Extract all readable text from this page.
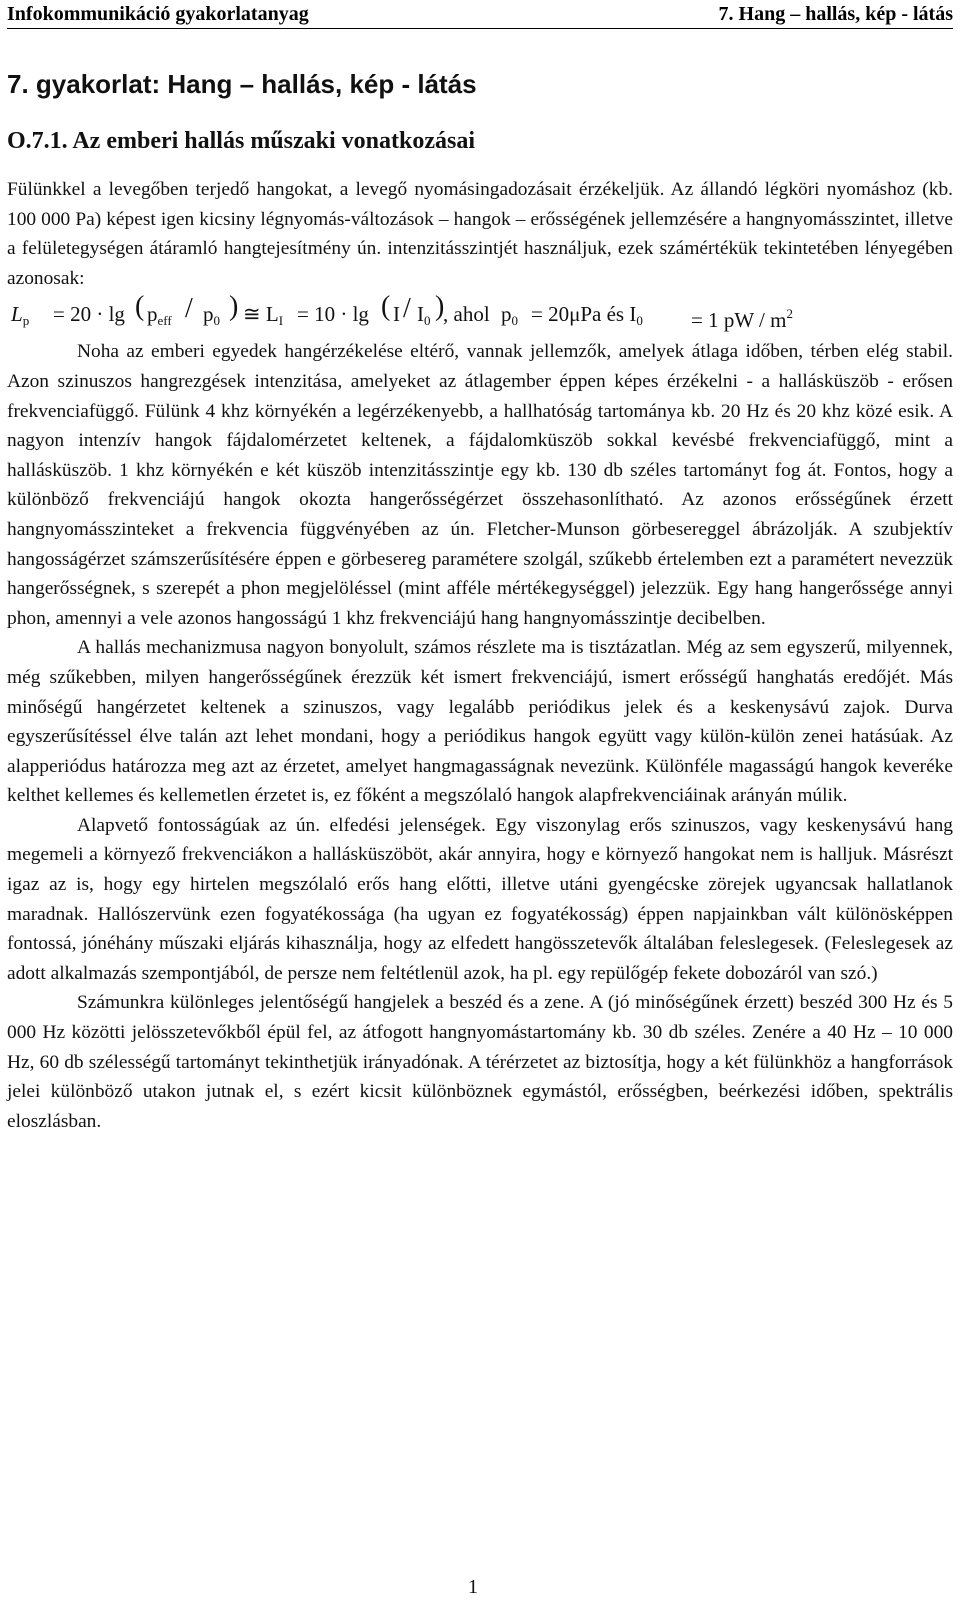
Infokommunikáció gyakorlatanyag	7. Hang – hallás, kép - látás
7. gyakorlat: Hang – hallás, kép - látás
O.7.1. Az emberi hallás műszaki vonatkozásai

Fülünkkel a levegőben terjedő hangokat, a levegő nyomásingadozásait érzékeljük. Az állandó légköri nyomáshoz (kb. 100 000 Pa) képest igen kicsiny légnyomás-változások – hangok – erősségének jellemzésére a hangnyomásszintet, illetve a felületegységen átáramló hangtejesítmény ún. intenzitásszintjét használjuk, ezek számértékük tekintetében lényegében azonosak:

$L_p = 20 \cdot \lg$ ( $p_{eff} / p_0$ ) ≅ $L_I = 10 \cdot \lg$ ( I / $I_0$ )
, ahol $p_0 = 20\mu Pa$ és $I_0 = 1$ pW / $m^2$

Noha az emberi egyedek hangérzékelése eltérő, vannak jellemzők, amelyek átlaga időben, térben elég stabil. Azon szinuszos hangrezgések intenzitása, amelyeket az átlagember éppen képes érzékelni - a hallásküszöb - erősen frekvenciafüggő. Fülünk 4 khz környékén a legérzékenyebb, a hallhatóság tartománya kb. 20 Hz és 20 khz közé esik. A nagyon intenzív hangok fájdalomérzetet keltenek, a fájdalomküszöb sokkal kevésbé frekvenciafüggő, mint a hallásküszöb. 1 khz környékén e két küszöb intenzitásszintje egy kb. 130 db széles tartományt fog át. Fontos, hogy a különböző frekvenciájú hangok okozta hangerősségérzet összehasonlítható. Az azonos erősségűnek érzett hangnyomásszinteket a frekvencia függvényében az ún. Fletcher-Munson görbesereggel ábrázolják. A szubjektív hangosságérzet számszerűsítésére éppen e görbesereg paramétere szolgál, szűkebb értelemben ezt a paramétert nevezzük hangerősségnek, s szerepét a phon megjelöléssel (mint afféle mértékegységgel) jelezzük. Egy hang hangerőssége annyi phon, amennyi a vele azonos hangosságú 1 khz frekvenciájú hang hangnyomásszintje decibelben.

A hallás mechanizmusa nagyon bonyolult, számos részlete ma is tisztázatlan. Még az sem egyszerű, milyennek, még szűkebben, milyen hangerősségűnek érezzük két ismert frekvenciájú, ismert erősségű hanghatás eredőjét. Más minőségű hangérzetet keltenek a szinuszos, vagy legalább periódikus jelek és a keskenysávú zajok. Durva egyszerűsítéssel élve talán azt lehet mondani, hogy a periódikus hangok együtt vagy külön-külön zenei hatásúak. Az alapperiódus határozza meg azt az érzetet, amelyet hangmagasságnak nevezünk. Különféle magasságú hangok keveréke kelthet kellemes és kellemetlen érzetet is, ez főként a megszólaló hangok alapfrekvenciáinak arányán múlik.

Alapvető fontosságúak az ún. elfedési jelenségek. Egy viszonylag erős szinuszos, vagy keskenysávú hang megemeli a környező frekvenciákon a hallásküszöböt, akár annyira, hogy e környező hangokat nem is halljuk. Másrészt igaz az is, hogy egy hirtelen megszólaló erős hang előtti, illetve utáni gyengécske zörejek ugyancsak hallatlanok maradnak. Hallószervünk ezen fogyatékossága (ha ugyan ez fogyatékosság) éppen napjainkban vált különösképpen fontossá, jónéhány műszaki eljárás kihasználja, hogy az elfedett hangösszetevők általában feleslegesek. (Feleslegesek az adott alkalmazás szempontjából, de persze nem feltétlenül azok, ha pl. egy repülőgép fekete dobozáról van szó.)

Számunkra különleges jelentőségű hangjelek a beszéd és a zene. A (jó minőségűnek érzett) beszéd 300 Hz és 5 000 Hz közötti jelösszetevőkből épül fel, az átfogott hangnyomástartomány kb. 30 db széles. Zenére a 40 Hz – 10 000 Hz, 60 db szélességű tartományt tekinthetjük irányadónak. A térérzetet az biztosítja, hogy a két fülünkhöz a hangforrások jelei különböző utakon jutnak el, s ezért kicsit különböznek egymástól, erősségben, beérkezési időben, spektrális eloszlásban.

1
